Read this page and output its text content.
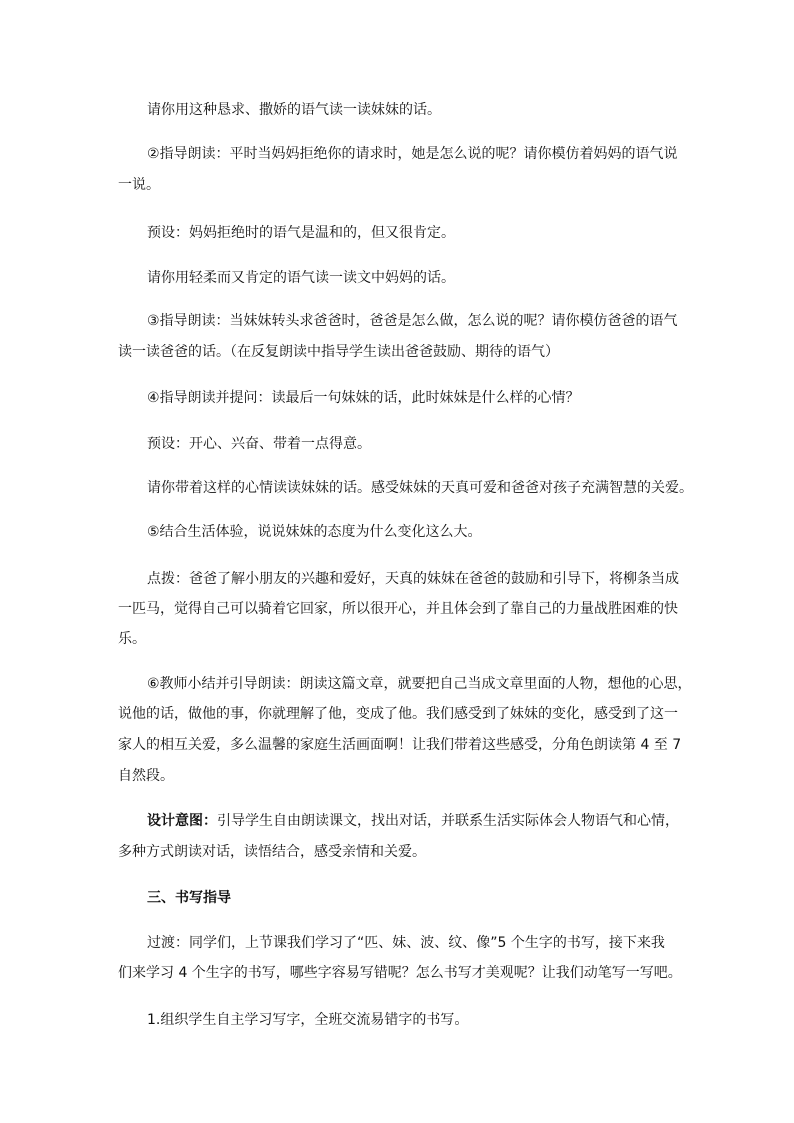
请你用这种恳求、撒娇的语气读一读妹妹的话。
②指导朗读：平时当妈妈拒绝你的请求时，她是怎么说的呢？请你模仿着妈妈的语气说
一说。
预设：妈妈拒绝时的语气是温和的，但又很肯定。
请你用轻柔而又肯定的语气读一读文中妈妈的话。
③指导朗读：当妹妹转头求爸爸时，爸爸是怎么做，怎么说的呢？请你模仿爸爸的语气
读一读爸爸的话。（在反复朗读中指导学生读出爸爸鼓励、期待的语气）
④指导朗读并提问：读最后一句妹妹的话，此时妹妹是什么样的心情？
预设：开心、兴奋、带着一点得意。
请你带着这样的心情读读妹妹的话。感受妹妹的天真可爱和爸爸对孩子充满智慧的关爱。
⑤结合生活体验，说说妹妹的态度为什么变化这么大。
点拨：爸爸了解小朋友的兴趣和爱好，天真的妹妹在爸爸的鼓励和引导下，将柳条当成
一匹马，觉得自己可以骑着它回家，所以很开心，并且体会到了靠自己的力量战胜困难的快
乐。
⑥教师小结并引导朗读：朗读这篇文章，就要把自己当成文章里面的人物，想他的心思，
说他的话，做他的事，你就理解了他，变成了他。我们感受到了妹妹的变化，感受到了这一
家人的相互关爱，多么温馨的家庭生活画面啊！让我们带着这些感受，分角色朗读第 4 至 7
自然段。
设计意图：引导学生自由朗读课文，找出对话，并联系生活实际体会人物语气和心情，
多种方式朗读对话，读悟结合，感受亲情和关爱。
三、书写指导
过渡：同学们，上节课我们学习了“匹、妹、波、纹、像”5 个生字的书写，接下来我
们来学习 4 个生字的书写，哪些字容易写错呢？怎么书写才美观呢？让我们动笔写一写吧。
1.组织学生自主学习写字，全班交流易错字的书写。
